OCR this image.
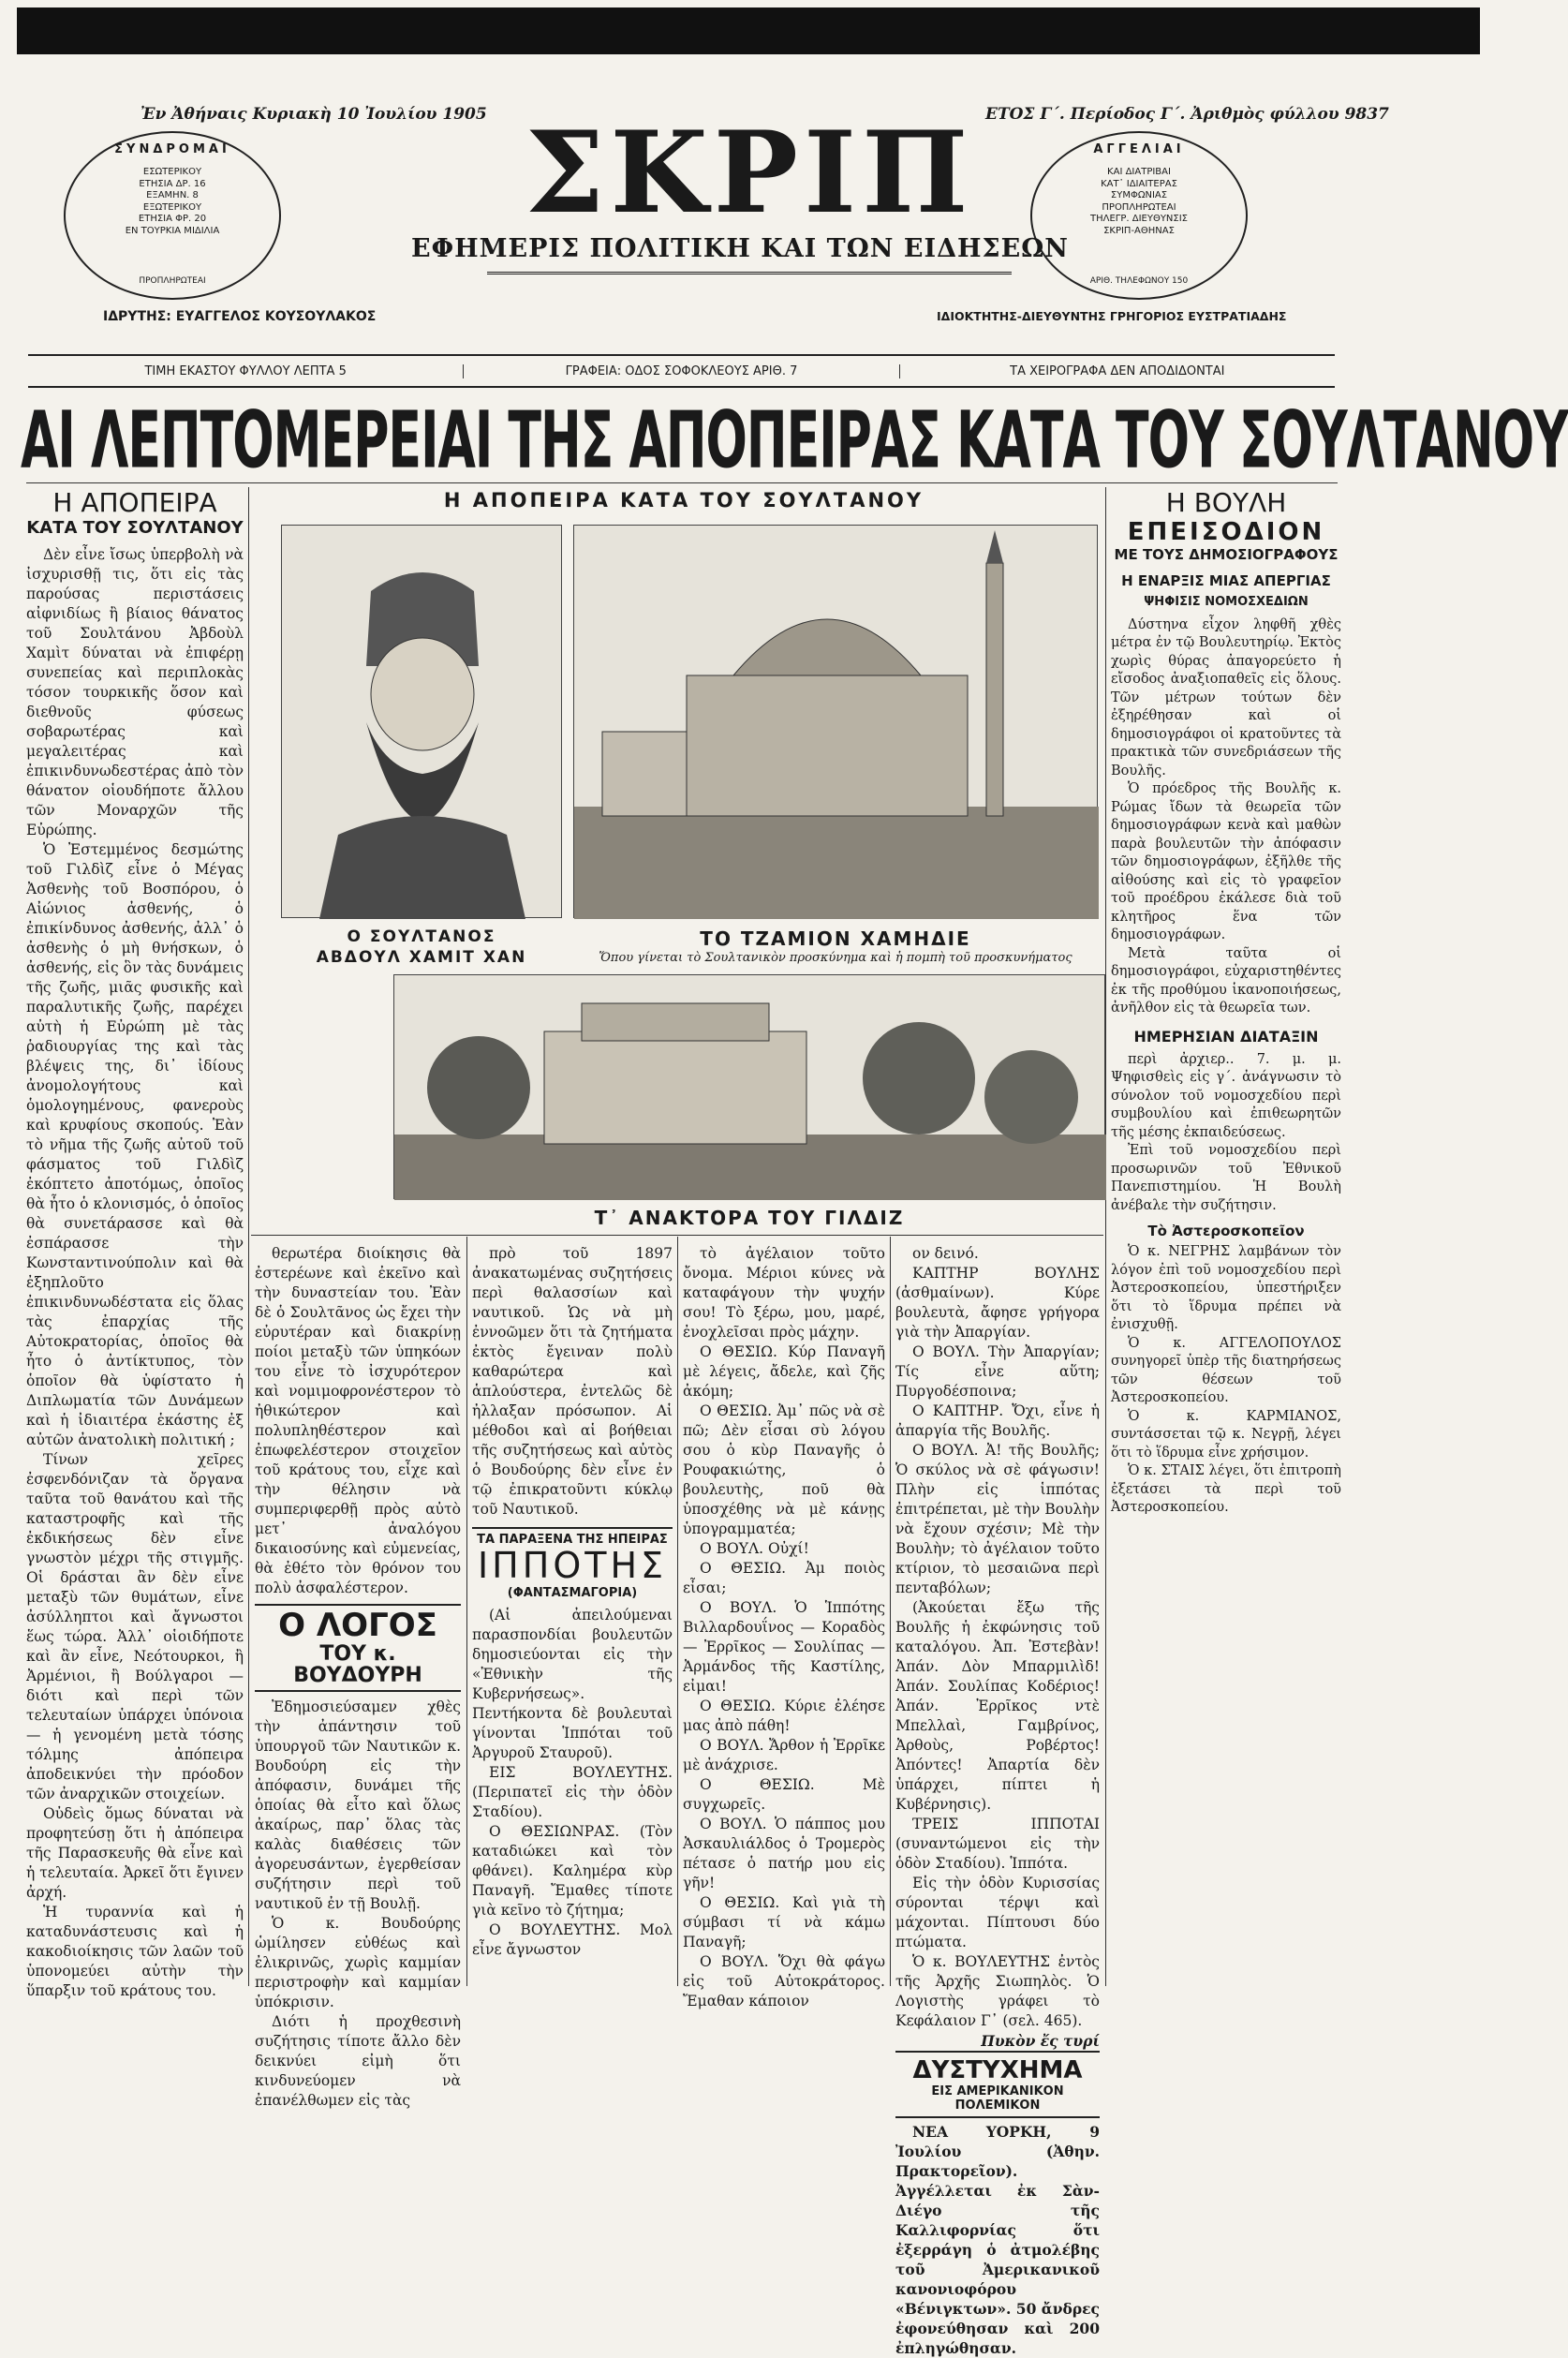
Ἐν Ἀθήναις Κυριακὴ 10 Ἰουλίου 1905	ΕΤΟΣ Γ΄. Περίοδος Γ΄. Ἀριθμὸς φύλλου 9837
ΣΥΝΔΡΟΜΑΙ
ΕΣΩΤΕΡΙΚΟΥ
ΕΤΗΣΙΑ ΔΡ. 16
ΕΞΑΜΗΝ. 8
ΕΞΩΤΕΡΙΚΟΥ
ΕΤΗΣΙΑ ΦΡ. 20
ΕΝ ΤΟΥΡΚΙΑ ΜΙΔΙΛΙΑ
ΠΡΟΠΛΗΡΩΤΕΑΙ
ΑΓΓΕΛΙΑΙ
ΚΑΙ ΔΙΑΤΡΙΒΑΙ
ΚΑΤ᾽ ΙΔΙΑΙΤΕΡΑΣ
ΣΥΜΦΩΝΙΑΣ
ΠΡΟΠΛΗΡΩΤΕΑΙ
ΤΗΛΕΓΡ. ΔΙΕΥΘΥΝΣΙΣ
ΣΚΡΙΠ-ΑΘΗΝΑΣ
ΑΡΙΘ. ΤΗΛΕΦΩΝΟΥ 150
ΣΚΡΙΠ
ΕΦΗΜΕΡΙΣ ΠΟΛΙΤΙΚΗ ΚΑΙ ΤΩΝ ΕΙΔΗΣΕΩΝ
ΙΔΡΥΤΗΣ: ΕΥΑΓΓΕΛΟΣ ΚΟΥΣΟΥΛΑΚΟΣ	ΙΔΙΟΚΤΗΤΗΣ-ΔΙΕΥΘΥΝΤΗΣ ΓΡΗΓΟΡΙΟΣ ΕΥΣΤΡΑΤΙΑΔΗΣ
ΤΙΜΗ ΕΚΑΣΤΟΥ ΦΥΛΛΟΥ ΛΕΠΤΑ 5	ΓΡΑΦΕΙΑ: ΟΔΟΣ ΣΟΦΟΚΛΕΟΥΣ ΑΡΙΘ. 7	ΤΑ ΧΕΙΡΟΓΡΑΦΑ ΔΕΝ ΑΠΟΔΙΔΟΝΤΑΙ
ΑΙ ΛΕΠΤΟΜΕΡΕΙΑΙ ΤΗΣ ΑΠΟΠΕΙΡΑΣ ΚΑΤΑ ΤΟΥ ΣΟΥΛΤΑΝΟΥ
Η ΑΠΟΠΕΙΡΑ
ΚΑΤΑ ΤΟΥ ΣΟΥΛΤΑΝΟΥ

Δὲν εἶνε ἴσως ὑπερβολὴ νὰ ἰσχυρισθῇ τις, ὅτι εἰς τὰς παρούσας περιστάσεις αἰφνιδίως ἢ βίαιος θάνατος τοῦ Σουλτάνου Ἀβδοὺλ Χαμὶτ δύναται νὰ ἐπιφέρῃ συνεπείας καὶ περιπλοκὰς τόσον τουρκικῆς ὅσον καὶ διεθνοῦς φύσεως σοβαρωτέρας καὶ μεγαλειτέρας καὶ ἐπικινδυνωδεστέρας ἀπὸ τὸν θάνατον οἱουδήποτε ἄλλου τῶν Μοναρχῶν τῆς Εὐρώπης.

Ὁ Ἐστεμμένος δεσμώτης τοῦ Γιλδὶζ εἶνε ὁ Μέγας Ἀσθενὴς τοῦ Βοσπόρου, ὁ Αἰώνιος ἀσθενής, ὁ ἐπικίνδυνος ἀσθενής, ἀλλ᾽ ὁ ἀσθενὴς ὁ μὴ θνήσκων, ὁ ἀσθενής, εἰς ὃν τὰς δυνάμεις τῆς ζωῆς, μιᾶς φυσικῆς καὶ παραλυτικῆς ζωῆς, παρέχει αὐτὴ ἡ Εὐρώπη μὲ τὰς ῥαδιουργίας της καὶ τὰς βλέψεις της, δι᾽ ἰδίους ἀνομολογήτους καὶ ὁμολογημένους, φανεροὺς καὶ κρυφίους σκοπούς. Ἐὰν τὸ νῆμα τῆς ζωῆς αὐτοῦ τοῦ φάσματος τοῦ Γιλδὶζ ἐκόπτετο ἀποτόμως, ὁποῖος θὰ ἦτο ὁ κλονισμός, ὁ ὁποῖος θὰ συνετάρασσε καὶ θὰ ἐσπάρασσε τὴν Κωνσταντινούπολιν καὶ θὰ ἐξηπλοῦτο ἐπικινδυνωδέστατα εἰς ὅλας τὰς ἐπαρχίας τῆς Αὐτοκρατορίας, ὁποῖος θὰ ἦτο ὁ ἀντίκτυπος, τὸν ὁποῖον θὰ ὑφίστατο ἡ Διπλωματία τῶν Δυνάμεων καὶ ἡ ἰδιαιτέρα ἑκάστης ἐξ αὐτῶν ἀνατολικὴ πολιτική ;

Τίνων χεῖρες ἐσφενδόνιζαν τὰ ὄργανα ταῦτα τοῦ θανάτου καὶ τῆς καταστροφῆς καὶ τῆς ἐκδικήσεως δὲν εἶνε γνωστὸν μέχρι τῆς στιγμῆς. Οἱ δράσται ἂν δὲν εἶνε μεταξὺ τῶν θυμάτων, εἶνε ἀσύλληπτοι καὶ ἄγνωστοι ἕως τώρα. Ἀλλ᾽ οἱοιδήποτε καὶ ἂν εἶνε, Νεότουρκοι, ἢ Ἀρμένιοι, ἢ Βούλγαροι — διότι καὶ περὶ τῶν τελευταίων ὑπάρχει ὑπόνοια — ἡ γενομένη μετὰ τόσης τόλμης ἀπόπειρα ἀποδεικνύει τὴν πρόοδον τῶν ἀναρχικῶν στοιχείων.

Οὐδεὶς ὅμως δύναται νὰ προφητεύσῃ ὅτι ἡ ἀπόπειρα τῆς Παρασκευῆς θὰ εἶνε καὶ ἡ τελευταία. Ἀρκεῖ ὅτι ἔγινεν ἀρχή.

Ἡ τυραννία καὶ ἡ καταδυνάστευσις καὶ ἡ κακοδιοίκησις τῶν λαῶν τοῦ ὑπονομεύει αὐτὴν τὴν ὕπαρξιν τοῦ κράτους του.

Η ΑΠΟΠΕΙΡΑ ΚΑΤΑ ΤΟΥ ΣΟΥΛΤΑΝΟΥ
Ο ΣΟΥΛΤΑΝΟΣ
ΑΒΔΟΥΛ ΧΑΜΙΤ ΧΑΝ
ΤΟ ΤΖΑΜΙΟΝ ΧΑΜΗΔΙΕ
Ὅπου γίνεται τὸ Σουλτανικὸν προσκύνημα καὶ ἡ πομπὴ τοῦ προσκυνήματος
Τ᾽ ΑΝΑΚΤΟΡΑ ΤΟΥ ΓΙΛΔΙΖ

θερωτέρα διοίκησις θὰ ἐστερέωνε καὶ ἐκεῖνο καὶ τὴν δυναστείαν του. Ἐὰν δὲ ὁ Σουλτᾶνος ὡς ἔχει τὴν εὐρυτέραν καὶ διακρίνῃ ποίοι μεταξὺ τῶν ὑπηκόων του εἶνε τὸ ἰσχυρότερον καὶ νομιμοφρονέστερον τὸ ἠθικώτερον καὶ πολυπληθέστερον καὶ ἐπωφελέστερον στοιχεῖον τοῦ κράτους του, εἶχε καὶ τὴν θέλησιν νὰ συμπεριφερθῇ πρὸς αὐτὸ μετ᾽ ἀναλόγου δικαιοσύνης καὶ εὐμενείας, θὰ ἐθέτο τὸν θρόνον του πολὺ ἀσφαλέστερον.

Ο ΛΟΓΟΣ
ΤΟΥ κ. ΒΟΥΔΟΥΡΗ

Ἐδημοσιεύσαμεν χθὲς τὴν ἀπάντησιν τοῦ ὑπουργοῦ τῶν Ναυτικῶν κ. Βουδούρη εἰς τὴν ἀπόφασιν, δυνάμει τῆς ὁποίας θὰ εἶτο καὶ ὅλως ἀκαίρως, παρ᾽ ὅλας τὰς καλὰς διαθέσεις τῶν ἀγορευσάντων, ἐγερθείσαν συζήτησιν περὶ τοῦ ναυτικοῦ ἐν τῇ Βουλῇ.

Ὁ κ. Βουδούρης ὡμίλησεν εὐθέως καὶ ἐλικρινῶς, χωρὶς καμμίαν περιστροφὴν καὶ καμμίαν ὑπόκρισιν.

Διότι ἡ προχθεσινὴ συζήτησις τίποτε ἄλλο δὲν δεικνύει εἰμὴ ὅτι κινδυνεύομεν νὰ ἐπανέλθωμεν εἰς τὰς

πρὸ τοῦ 1897 ἀνακατωμένας συζητήσεις περὶ θαλασσίων καὶ ναυτικοῦ. Ὡς νὰ μὴ ἐννοῶμεν ὅτι τὰ ζητήματα ἐκτὸς ἔγειναν πολὺ καθαρώτερα καὶ ἁπλούστερα, ἐντελῶς δὲ ἠλλαξαν πρόσωπον. Αἱ μέθοδοι καὶ αἱ βοήθειαι τῆς συζητήσεως καὶ αὐτὸς ὁ Βουδούρης δὲν εἶνε ἐν τῷ ἐπικρατοῦντι κύκλῳ τοῦ Ναυτικοῦ.

ΤΑ ΠΑΡΑΞΕΝΑ ΤΗΣ ΗΠΕΙΡΑΣ
ΙΠΠΟΤΗΣ
(ΦΑΝΤΑΣΜΑΓΟΡΙΑ)

(Αἱ ἀπειλούμεναι παρασπονδίαι βουλευτῶν δημοσιεύονται εἰς τὴν «Ἐθνικὴν τῆς Κυβερνήσεως». Πεντήκοντα δὲ βουλευταὶ γίνονται Ἱππόται τοῦ Ἀργυροῦ Σταυροῦ).

ΕΙΣ ΒΟΥΛΕΥΤΗΣ. (Περιπατεῖ εἰς τὴν ὁδὸν Σταδίου).

Ο ΘΕΣΙΩΝΡΑΣ. (Τὸν καταδιώκει καὶ τὸν φθάνει). Καλημέρα κὺρ Παναγῆ. Ἔμαθες τίποτε γιὰ κεῖνο τὸ ζήτημα;

Ο ΒΟΥΛΕΥΤΗΣ. Μολ εἶνε ἄγνωστον

τὸ ἀγέλαιον τοῦτο ὄνομα. Μέριοι κύνες νὰ καταφάγουν τὴν ψυχήν σου! Τὸ ξέρω, μου, μαρέ, ἐνοχλεῖσαι πρὸς μάχην.

Ο ΘΕΣΙΩ. Κύρ Παναγῆ μὲ λέγεις, ἄδελε, καὶ ζῆς ἀκόμη;

Ο ΘΕΣΙΩ. Ἀμ᾽ πῶς νὰ σὲ πῶ; Δὲν εἶσαι σὺ λόγου σου ὁ κὺρ Παναγῆς ὁ Ρουφακιώτης, ὁ βουλευτὴς, ποῦ θὰ ὑποσχέθης νὰ μὲ κάνῃς ὑπογραμματέα;

Ο ΒΟΥΛ. Οὐχί!

Ο ΘΕΣΙΩ. Ἀμ ποιὸς εἶσαι;

Ο ΒΟΥΛ. Ὁ Ἱππότης Βιλλαρδουΐνος — Κοραδὸς — Ἐρρῖκος — Σουλίπας — Ἀρμάνδος τῆς Καστίλης, εἰμαι!

Ο ΘΕΣΙΩ. Κύριε ἐλέησε μας ἀπὸ πάθη!

Ο ΒΟΥΛ. Ἄρθον ἡ Ἐρρῖκε μὲ ἀνάχρισε.

Ο ΘΕΣΙΩ. Μὲ συγχωρεῖς.

Ο ΒΟΥΛ. Ὁ πάππος μου Ἀσκαυλιάλδος ὁ Τρομερὸς πέτασε ὁ πατήρ μου εἰς γῆν!

Ο ΘΕΣΙΩ. Καὶ γιὰ τὴ σύμβασι τί νὰ κάμω Παναγῆ;

Ο ΒΟΥΛ. Ὅχι θὰ φάγω εἰς τοῦ Αὐτοκράτορος. Ἔμαθαν κάποιον

ον δεινό.

ΚΑΠΤΗΡ ΒΟΥΛΗΣ (ἀσθμαίνων). Κύρε βουλευτὰ, ἄφησε γρήγορα γιὰ τὴν Ἀπαργίαν.

Ο ΒΟΥΛ. Τὴν Ἀπαργίαν; Τίς εἶνε αὕτη; Πυργοδέσποινα;

Ο ΚΑΠΤΗΡ. Ὄχι, εἶνε ἡ ἀπαργία τῆς Βουλῆς.

Ο ΒΟΥΛ. Ἀ! τῆς Βουλῆς; Ὁ σκύλος νὰ σὲ φάγωσιν! Πλὴν εἰς ἱππότας ἐπιτρέπεται, μὲ τὴν Βουλὴν νὰ ἔχουν σχέσιν; Μὲ τὴν Βουλὴν; τὸ ἀγέλαιον τοῦτο κτίριον, τὸ μεσαιῶνα περὶ πενταβόλων;

(Ἀκούεται ἔξω τῆς Βουλῆς ἡ ἐκφώνησις τοῦ καταλόγου. Ἀπ. Ἐστεβὰν! Ἀπάν. Δὸν Μπαρμιλὶδ! Ἀπάν. Σουλίπας Κοδέριος! Ἀπάν. Ἐρρῖκος ντὲ Μπελλαὶ, Γαμβρίνος, Ἀρθοὺς, Ροβέρτος! Ἀπόντες! Ἀπαρτία δὲν ὑπάρχει, πίπτει ἡ Κυβέρνησις).

ΤΡΕΙΣ ΙΠΠΟΤΑΙ (συναντώμενοι εἰς τὴν ὁδὸν Σταδίου). Ἱππότα.

Εἰς τὴν ὁδὸν Κυρισσίας σύρονται τέρψι καὶ μάχονται. Πίπτουσι δύο πτώματα.

Ὁ κ. ΒΟΥΛΕΥΤΗΣ ἐντὸς τῆς Ἀρχῆς Σιωπηλὸς. Ὁ Λογιστὴς γράφει τὸ Κεφάλαιον Γ᾽ (σελ. 465).

Πυκὸν ἔς τυρί
ΔΥΣΤΥΧΗΜΑ
ΕΙΣ ΑΜΕΡΙΚΑΝΙΚΟΝ ΠΟΛΕΜΙΚΟΝ

ΝΕΑ ΥΟΡΚΗ, 9 Ἰουλίου (Ἀθην. Πρακτορεῖον). Ἀγγέλλεται ἐκ Σὰν-Διέγο τῆς Καλλιφορνίας ὅτι ἐξερράγη ὁ ἀτμολέβης τοῦ Ἀμερικανικοῦ κανονιοφόρου «Βένιγκτων». 50 ἄνδρες ἐφονεύθησαν καὶ 200 ἐπληγώθησαν.

Η ΒΟΥΛΗ
ΕΠΕΙΣΟΔΙΟΝ
ΜΕ ΤΟΥΣ ΔΗΜΟΣΙΟΓΡΑΦΟΥΣ
Η ΕΝΑΡΞΙΣ ΜΙΑΣ ΑΠΕΡΓΙΑΣ
ΨΗΦΙΣΙΣ ΝΟΜΟΣΧΕΔΙΩΝ

Δύστηνα εἶχον ληφθῆ χθὲς μέτρα ἐν τῷ Βουλευτηρίῳ. Ἐκτὸς χωρὶς θύρας ἀπαγορεύετο ἡ εἴσοδος ἀναξιοπαθεῖς εἰς ὅλους. Τῶν μέτρων τούτων δὲν ἐξηρέθησαν καὶ οἱ δημοσιογράφοι οἱ κρατοῦντες τὰ πρακτικὰ τῶν συνεδριάσεων τῆς Βουλῆς.

Ὁ πρόεδρος τῆς Βουλῆς κ. Ρώμας ἴδων τὰ θεωρεῖα τῶν δημοσιογράφων κενὰ καὶ μαθὼν παρὰ βουλευτῶν τὴν ἀπόφασιν τῶν δημοσιογράφων, ἐξῆλθε τῆς αἰθούσης καὶ εἰς τὸ γραφεῖον τοῦ προέδρου ἐκάλεσε διὰ τοῦ κλητῆρος ἕνα τῶν δημοσιογράφων.

Μετὰ ταῦτα οἱ δημοσιογράφοι, εὐχαριστηθέντες ἐκ τῆς προθύμου ἱκανοποιήσεως, ἀνῆλθον εἰς τὰ θεωρεῖα των.

ΗΜΕΡΗΣΙΑΝ ΔΙΑΤΑΞΙΝ

περὶ ἀρχιερ.. 7. μ. μ. Ψηφισθεὶς εἰς γ΄. ἀνάγνωσιν τὸ σύνολον τοῦ νομοσχεδίου περὶ συμβουλίου καὶ ἐπιθεωρητῶν τῆς μέσης ἐκπαιδεύσεως.

Ἐπὶ τοῦ νομοσχεδίου περὶ προσωρινῶν τοῦ Ἐθνικοῦ Πανεπιστημίου. Ἡ Βουλὴ ἀνέβαλε τὴν συζήτησιν.

Τὸ Ἀστεροσκοπεῖον

Ὁ κ. ΝΕΓΡΗΣ λαμβάνων τὸν λόγον ἐπὶ τοῦ νομοσχεδίου περὶ Ἀστεροσκοπείου, ὑπεστήριξεν ὅτι τὸ ἵδρυμα πρέπει νὰ ἐνισχυθῇ.

Ὁ κ. ΑΓΓΕΛΟΠΟΥΛΟΣ συνηγορεῖ ὑπὲρ τῆς διατηρήσεως τῶν θέσεων τοῦ Ἀστεροσκοπείου.

Ὁ κ. ΚΑΡΜΙΑΝΟΣ, συντάσσεται τῷ κ. Νεγρῇ, λέγει ὅτι τὸ ἵδρυμα εἶνε χρήσιμον.

Ὁ κ. ΣΤΑΙΣ λέγει, ὅτι ἐπιτροπὴ ἐξετάσει τὰ περὶ τοῦ Ἀστεροσκοπείου.
